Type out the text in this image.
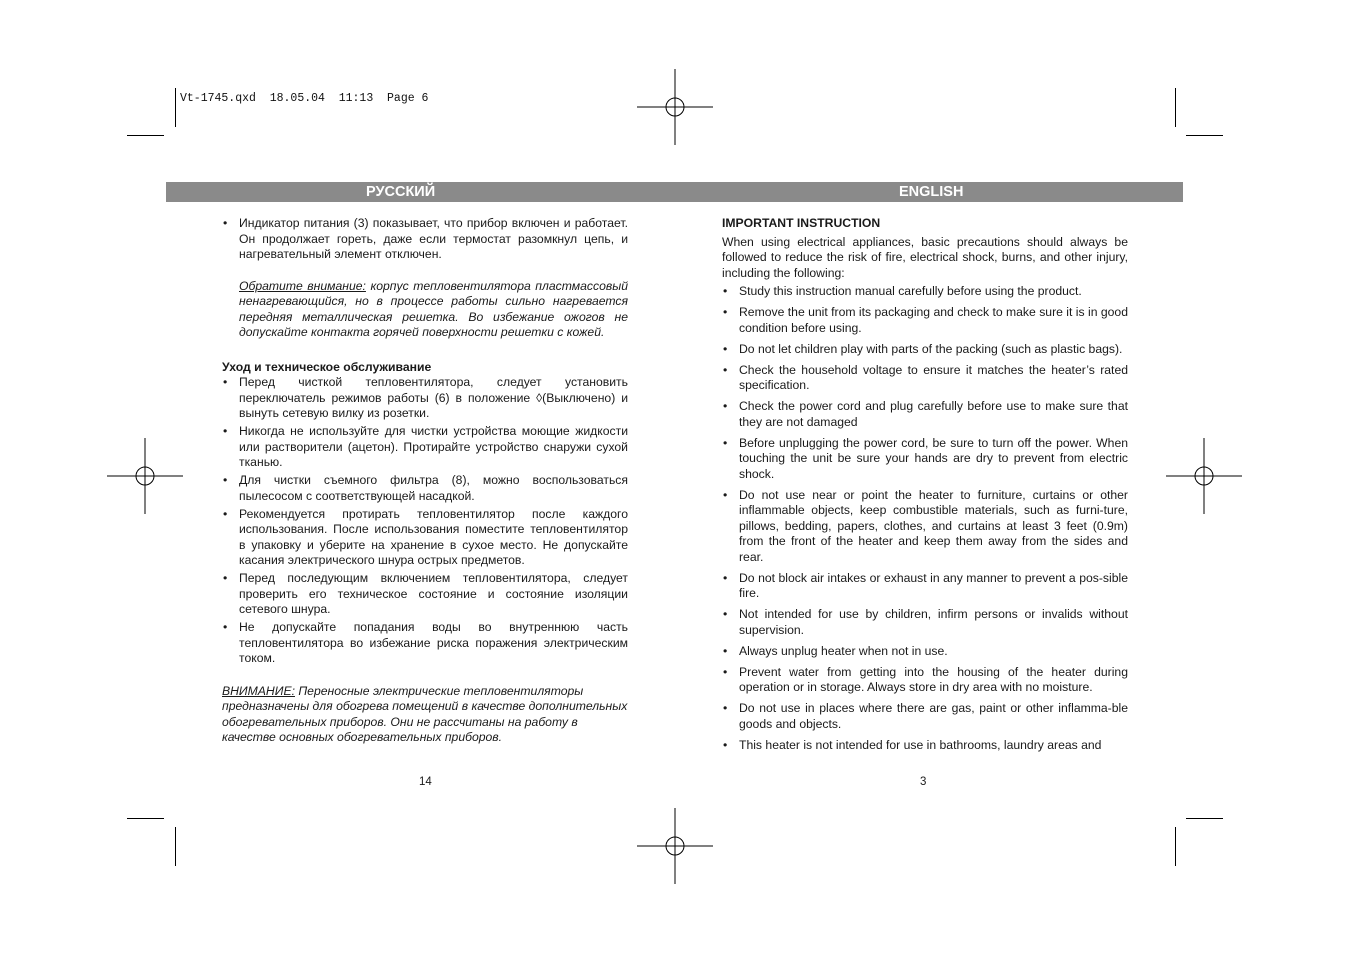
Vt-1745.qxd  18.05.04  11:13  Page 6
РУССКИЙ	ENGLISH
• Индикатор питания (3) показывает, что прибор включен и работает. Он продолжает гореть, даже если термостат разомкнул цепь, и нагревательный элемент отключен.

Обратите внимание: корпус тепловентилятора пластмассовый ненагревающийся, но в процессе работы сильно нагревается передняя металлическая решетка. Во избежание ожогов не допускайте контакта горячей поверхности решетки с кожей.

Уход и техническое обслуживание

• Перед чисткой тепловентилятора, следует установить переключатель режимов работы (6) в положение ◊(Выключено) и вынуть сетевую вилку из розетки.
• Никогда не используйте для чистки устройства моющие жидкости или растворители (ацетон). Протирайте устройство снаружи сухой тканью.
• Для чистки съемного фильтра (8), можно воспользоваться пылесосом с соответствующей насадкой.
• Рекомендуется протирать тепловентилятор после каждого использования. После использования поместите тепловентилятор в упаковку и уберите на хранение в сухое место. Не допускайте касания электрического шнура острых предметов.
• Перед последующим включением тепловентилятора, следует проверить его техническое состояние и состояние изоляции сетевого шнура.
• Не допускайте попадания воды во внутреннюю часть тепловентилятора во избежание риска поражения электрическим током.

ВНИМАНИЕ: Переносные электрические тепловентиляторы предназначены для обогрева помещений в качестве дополнительных обогревательных приборов. Они не рассчитаны на работу в качестве основных обогревательных приборов.

IMPORTANT INSTRUCTION

When using electrical appliances, basic precautions should always be followed to reduce the risk of fire, electrical shock, burns, and other injury, including the following:

• Study this instruction manual carefully before using the product.
• Remove the unit from its packaging and check to make sure it is in good condition before using.
• Do not let children play with parts of the packing (such as plastic bags).
• Check the household voltage to ensure it matches the heater’s rated specification.
• Check the power cord and plug carefully before use to make sure that they are not damaged
• Before unplugging the power cord, be sure to turn off the power. When touching the unit be sure your hands are dry to prevent from electric shock.
• Do not use near or point the heater to furniture, curtains or other inflammable objects, keep combustible materials, such as furni-ture, pillows, bedding, papers, clothes, and curtains at least 3 feet (0.9m) from the front of the heater and keep them away from the sides and rear.
• Do not block air intakes or exhaust in any manner to prevent a pos-sible fire.
• Not intended for use by children, infirm persons or invalids without supervision.
• Always unplug heater when not in use.
• Prevent water from getting into the housing of the heater during operation or in storage. Always store in dry area with no moisture.
• Do not use in places where there are gas, paint or other inflamma-ble goods and objects.
• This heater is not intended for use in bathrooms, laundry areas and
14	3
